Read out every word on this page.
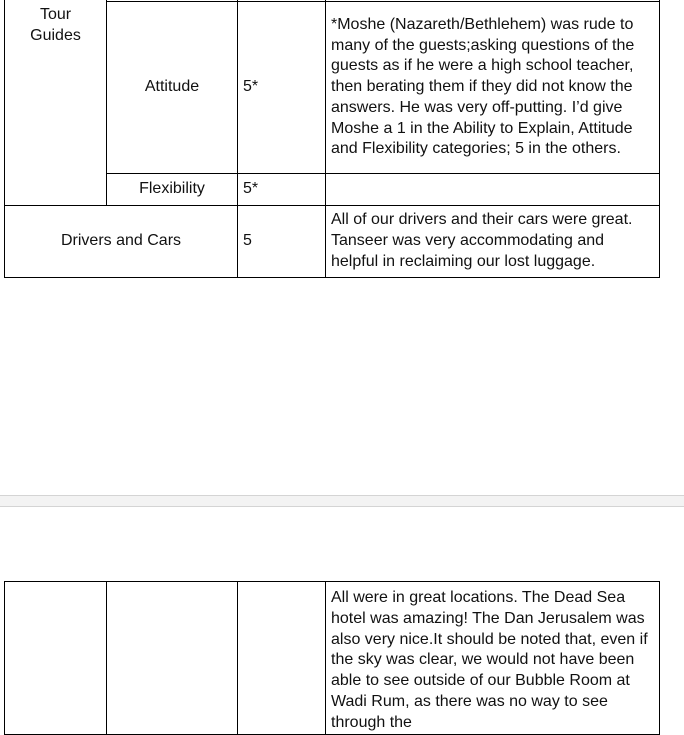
Tour
Guides			
	Attitude	5*	*Moshe (Nazareth/Bethlehem) was rude to many of the guests;asking questions of the guests as if he were a high school teacher, then berating them if they did not know the answers. He was very off-putting. I’d give Moshe a 1 in the Ability to Explain, Attitude and Flexibility categories; 5 in the others.
	Flexibility	5*	
Drivers and Cars		5	All of our drivers and their cars were great. Tanseer was very accommodating and helpful in reclaiming our lost luggage.
			All were in great locations. The Dead Sea hotel was amazing! The Dan Jerusalem was also very nice.It should be noted that, even if the sky was clear, we would not have been able to see outside of our Bubble Room at Wadi Rum, as there was no way to see through the
